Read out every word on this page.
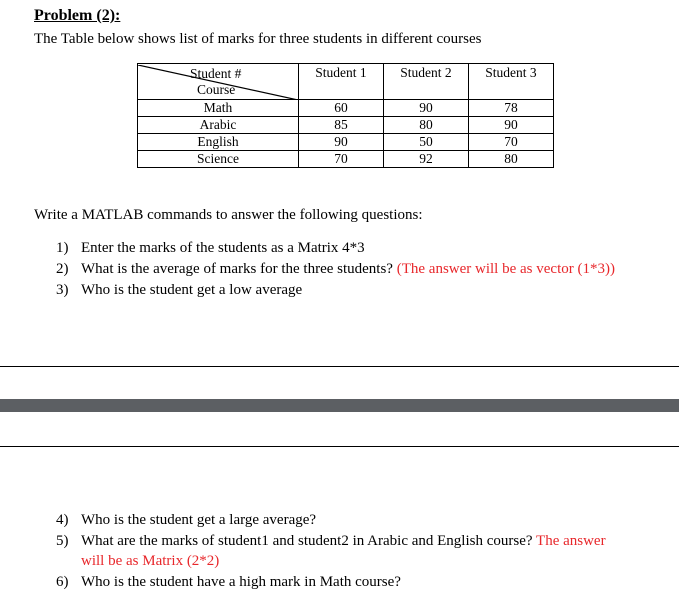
Problem (2):
The Table below shows list of marks for three students in different courses
Student #
Course	Student 1	Student 2	Student 3
Math	60	90	78
Arabic	85	80	90
English	90	50	70
Science	70	92	80
Write a MATLAB commands to answer the following questions:
1) Enter the marks of the students as a Matrix 4*3
2) What is the average of marks for the three students? (The answer will be as vector (1*3))
3) Who is the student get a low average
4) Who is the student get a large average?
5) What are the marks of student1 and student2 in Arabic and English course? The answer
will be as Matrix (2*2)
6) Who is the student have a high mark in Math course?
